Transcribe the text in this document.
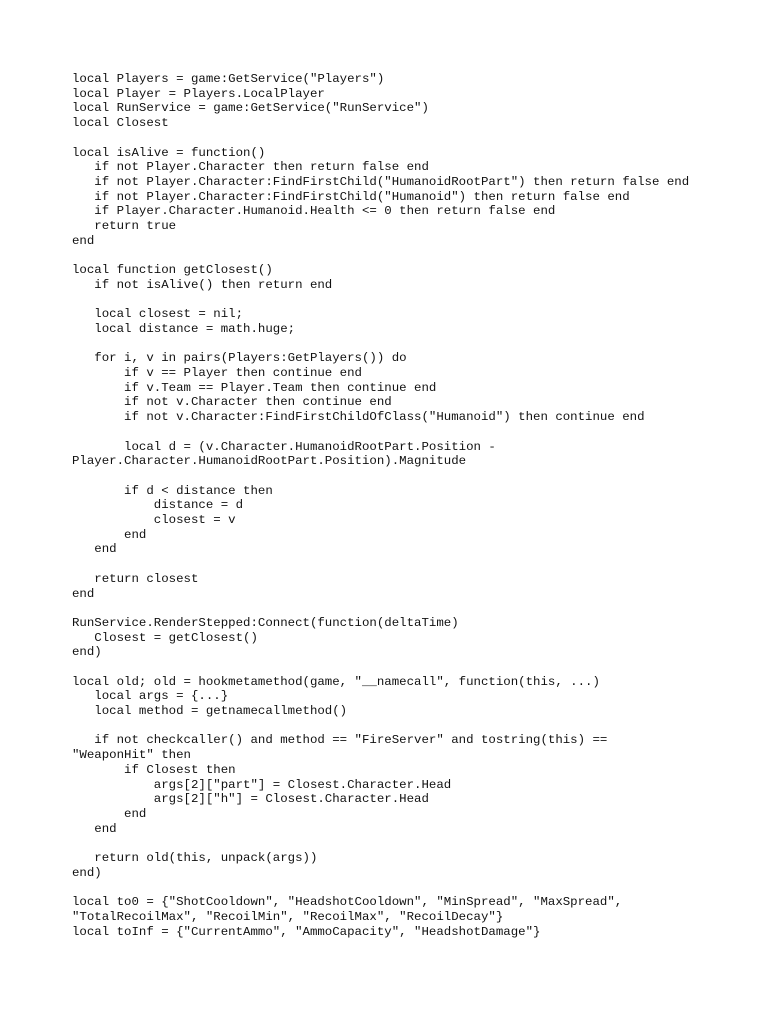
local Players = game:GetService("Players")
local Player = Players.LocalPlayer
local RunService = game:GetService("RunService")
local Closest
local isAlive = function()
if not Player.Character then return false end
if not Player.Character:FindFirstChild("HumanoidRootPart") then return false end
if not Player.Character:FindFirstChild("Humanoid") then return false end
if Player.Character.Humanoid.Health <= 0 then return false end
return true
end
local function getClosest()
if not isAlive() then return end
local closest = nil;
local distance = math.huge;
for i, v in pairs(Players:GetPlayers()) do
if v == Player then continue end
if v.Team == Player.Team then continue end
if not v.Character then continue end
if not v.Character:FindFirstChildOfClass("Humanoid") then continue end
local d = (v.Character.HumanoidRootPart.Position -
Player.Character.HumanoidRootPart.Position).Magnitude
if d < distance then
distance = d
closest = v
end
end
return closest
end
RunService.RenderStepped:Connect(function(deltaTime)
Closest = getClosest()
end)
local old; old = hookmetamethod(game, "__namecall", function(this, ...)
local args = {...}
local method = getnamecallmethod()
if not checkcaller() and method == "FireServer" and tostring(this) ==
"WeaponHit" then
if Closest then
args[2]["part"] = Closest.Character.Head
args[2]["h"] = Closest.Character.Head
end
end
return old(this, unpack(args))
end)
local to0 = {"ShotCooldown", "HeadshotCooldown", "MinSpread", "MaxSpread",
"TotalRecoilMax", "RecoilMin", "RecoilMax", "RecoilDecay"}
local toInf = {"CurrentAmmo", "AmmoCapacity", "HeadshotDamage"}
